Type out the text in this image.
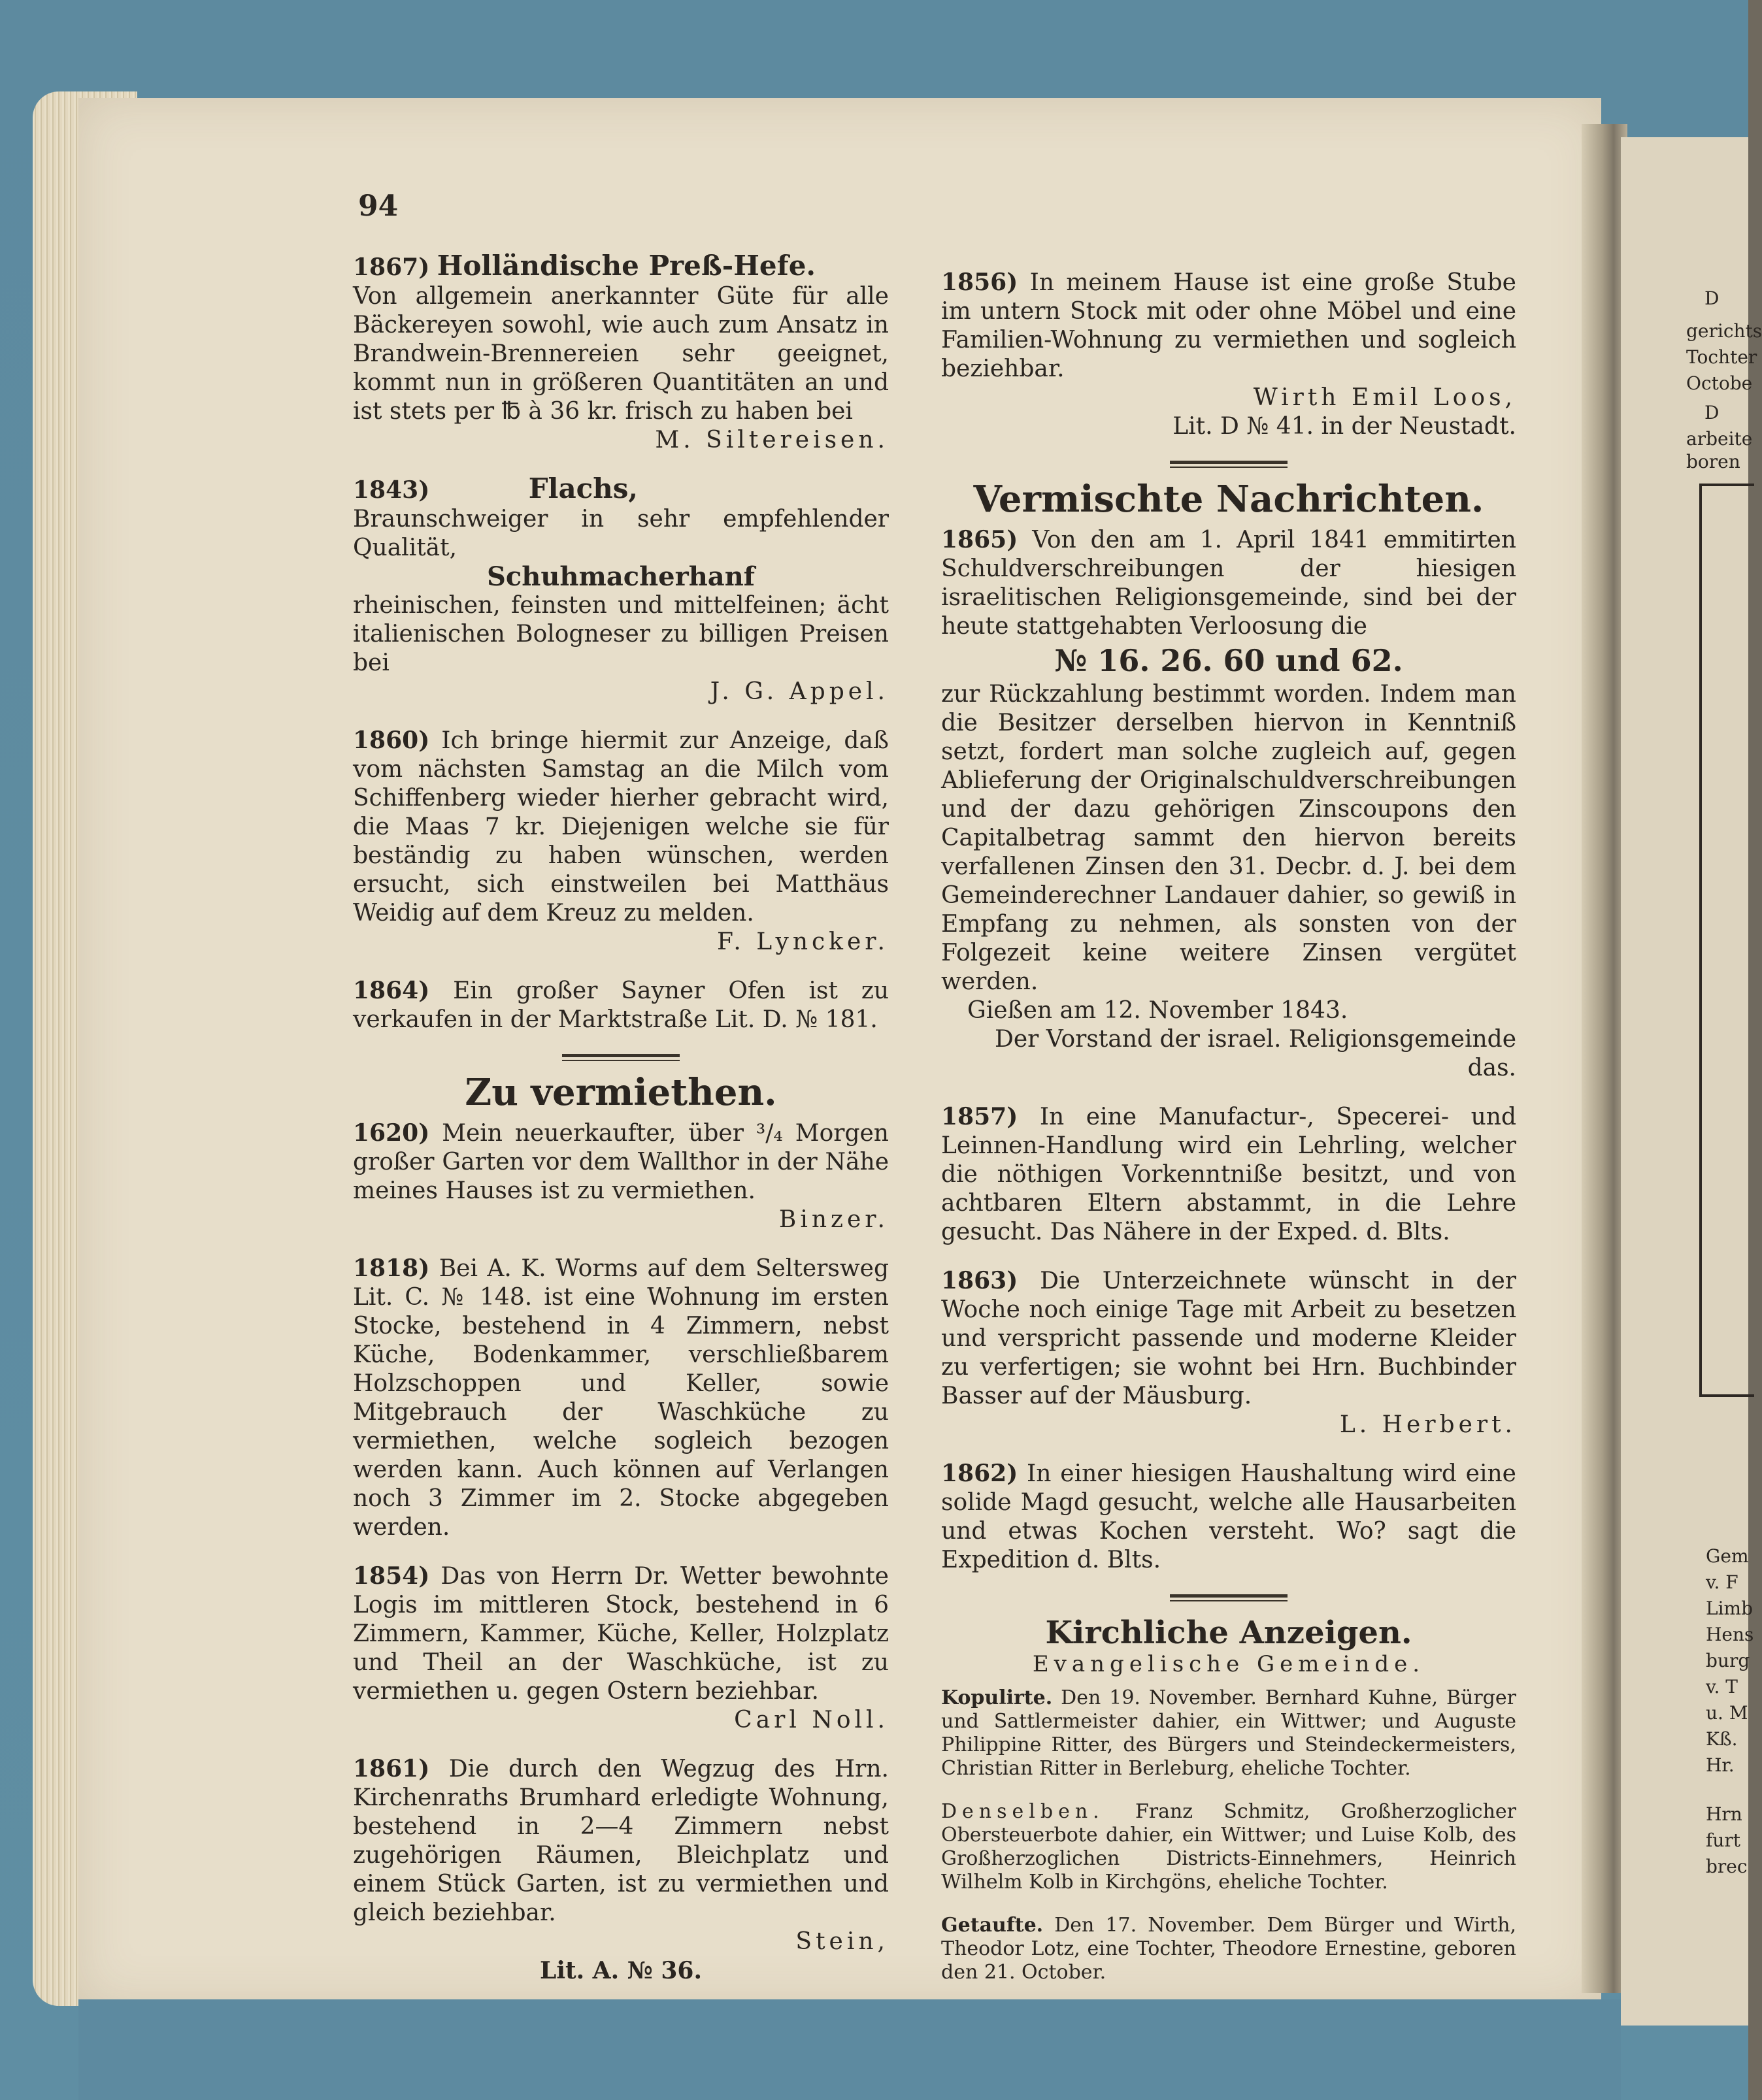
94
1867) Holländische Preß-Hefe.
Von allgemein anerkannter Güte für alle Bäckereyen sowohl, wie auch zum Ansatz in Brandwein-Brennereien sehr geeignet, kommt nun in größeren Quantitäten an und ist stets per ℔ à 36 kr. frisch zu haben bei
M. Siltereisen.
1843)	Flachs,
Braunschweiger in sehr empfehlender Qualität,
Schuhmacherhanf
rheinischen, feinsten und mittelfeinen; ächt italienischen Bologneser zu billigen Preisen bei
J. G. Appel.
1860) Ich bringe hiermit zur Anzeige, daß vom nächsten Samstag an die Milch vom Schiffenberg wieder hierher gebracht wird, die Maas 7 kr. Diejenigen welche sie für beständig zu haben wünschen, werden ersucht, sich einstweilen bei Matthäus Weidig auf dem Kreuz zu melden.
F. Lyncker.
1864) Ein großer Sayner Ofen ist zu verkaufen in der Marktstraße Lit. D. № 181.
Zu vermiethen.
1620) Mein neuerkaufter, über ³/₄ Morgen großer Garten vor dem Wallthor in der Nähe meines Hauses ist zu vermiethen.
Binzer.
1818) Bei A. K. Worms auf dem Seltersweg Lit. C. № 148. ist eine Wohnung im ersten Stocke, bestehend in 4 Zimmern, nebst Küche, Bodenkammer, verschließbarem Holzschoppen und Keller, sowie Mitgebrauch der Waschküche zu vermiethen, welche sogleich bezogen werden kann. Auch können auf Verlangen noch 3 Zimmer im 2. Stocke abgegeben werden.
1854) Das von Herrn Dr. Wetter bewohnte Logis im mittleren Stock, bestehend in 6 Zimmern, Kammer, Küche, Keller, Holzplatz und Theil an der Waschküche, ist zu vermiethen u. gegen Ostern beziehbar.
Carl Noll.
1861) Die durch den Wegzug des Hrn. Kirchenraths Brumhard erledigte Wohnung, bestehend in 2—4 Zimmern nebst zugehörigen Räumen, Bleichplatz und einem Stück Garten, ist zu vermiethen und gleich beziehbar.
Stein,
Lit. A. № 36.
1856) In meinem Hause ist eine große Stube im untern Stock mit oder ohne Möbel und eine Familien-Wohnung zu vermiethen und sogleich beziehbar.
Wirth Emil Loos,
Lit. D № 41. in der Neustadt.
Vermischte Nachrichten.
1865) Von den am 1. April 1841 emmitirten Schuldverschreibungen der hiesigen israelitischen Religionsgemeinde, sind bei der heute stattgehabten Verloosung die
№ 16. 26. 60 und 62.
zur Rückzahlung bestimmt worden. Indem man die Besitzer derselben hiervon in Kenntniß setzt, fordert man solche zugleich auf, gegen Ablieferung der Originalschuldverschreibungen und der dazu gehörigen Zinscoupons den Capitalbetrag sammt den hiervon bereits verfallenen Zinsen den 31. Decbr. d. J. bei dem Gemeinderechner Landauer dahier, so gewiß in Empfang zu nehmen, als sonsten von der Folgezeit keine weitere Zinsen vergütet werden.
Gießen am 12. November 1843.
Der Vorstand der israel. Religionsgemeinde das.
1857) In eine Manufactur-, Specerei- und Leinnen-Handlung wird ein Lehrling, welcher die nöthigen Vorkenntniße besitzt, und von achtbaren Eltern abstammt, in die Lehre gesucht. Das Nähere in der Exped. d. Blts.
1863) Die Unterzeichnete wünscht in der Woche noch einige Tage mit Arbeit zu besetzen und verspricht passende und moderne Kleider zu verfertigen; sie wohnt bei Hrn. Buchbinder Basser auf der Mäusburg.
L. Herbert.
1862) In einer hiesigen Haushaltung wird eine solide Magd gesucht, welche alle Hausarbeiten und etwas Kochen versteht. Wo? sagt die Expedition d. Blts.
Kirchliche Anzeigen.
Evangelische Gemeinde.
Kopulirte. Den 19. November. Bernhard Kuhne, Bürger und Sattlermeister dahier, ein Wittwer; und Auguste Philippine Ritter, des Bürgers und Steindeckermeisters, Christian Ritter in Berleburg, eheliche Tochter.
Denselben. Franz Schmitz, Großherzoglicher Obersteuerbote dahier, ein Wittwer; und Luise Kolb, des Großherzoglichen Districts-Einnehmers, Heinrich Wilhelm Kolb in Kirchgöns, eheliche Tochter.
Getaufte. Den 17. November. Dem Bürger und Wirth, Theodor Lotz, eine Tochter, Theodore Ernestine, geboren den 21. October.
D
gerichts
Tochter
Octobe
D
arbeite
boren
Gem
v. F
Limb
Hens
burg
v. T
u. M
Kß.
Hr.
Hrn
furt
brec
